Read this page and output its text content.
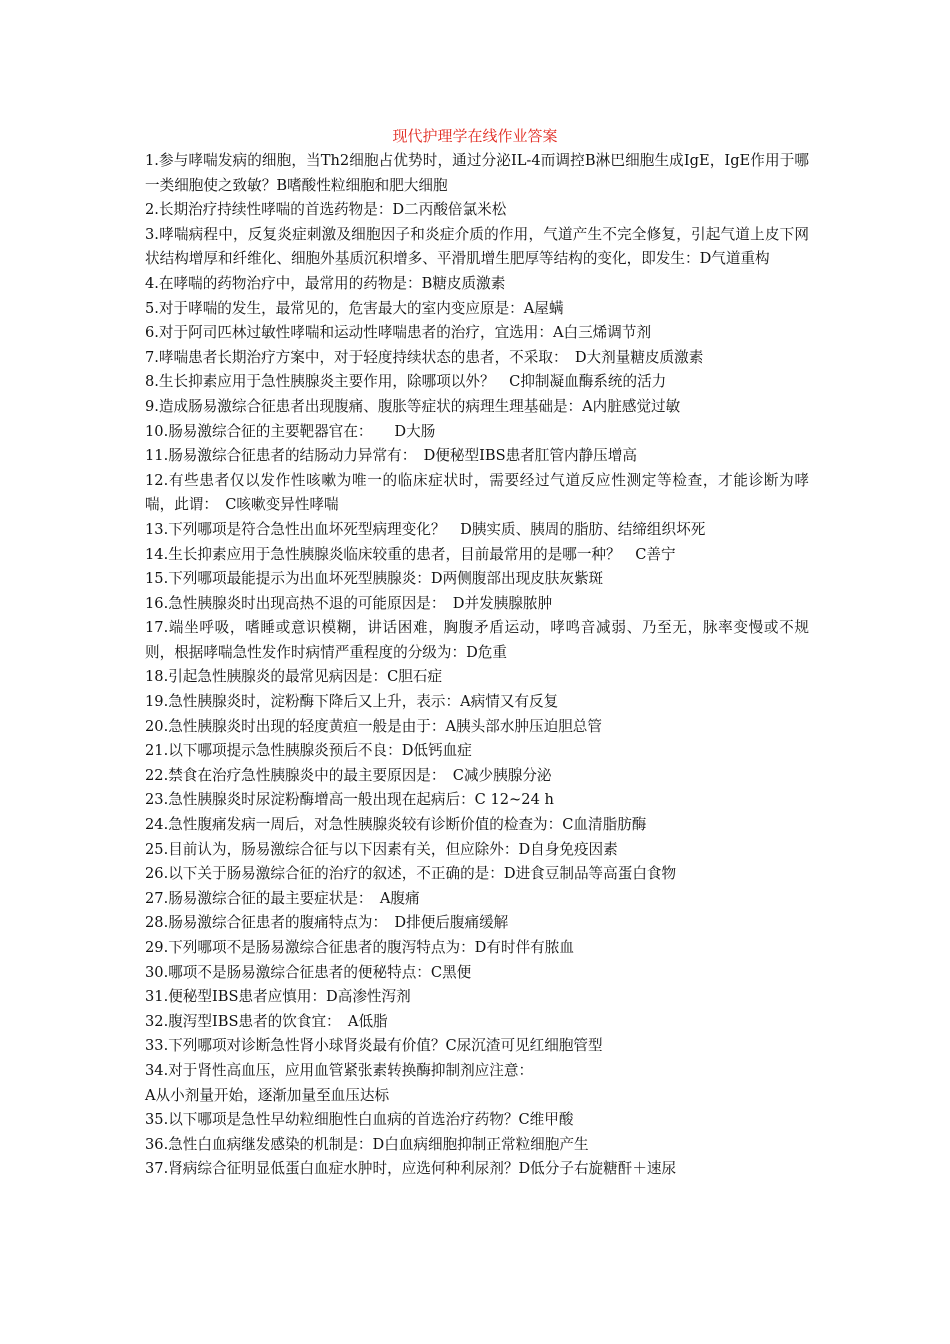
现代护理学在线作业答案

1.参与哮喘发病的细胞，当Th2细胞占优势时，通过分泌IL-4而调控B淋巴细胞生成IgE，IgE作用于哪一类细胞使之致敏？B嗜酸性粒细胞和肥大细胞

2.长期治疗持续性哮喘的首选药物是：D二丙酸倍氯米松

3.哮喘病程中，反复炎症刺激及细胞因子和炎症介质的作用，气道产生不完全修复，引起气道上皮下网状结构增厚和纤维化、细胞外基质沉积增多、平滑肌增生肥厚等结构的变化，即发生：D气道重构

4.在哮喘的药物治疗中，最常用的药物是：B糖皮质激素

5.对于哮喘的发生，最常见的，危害最大的室内变应原是：A屋螨

6.对于阿司匹林过敏性哮喘和运动性哮喘患者的治疗，宜选用：A白三烯调节剂

7.哮喘患者长期治疗方案中，对于轻度持续状态的患者，不采取：　D大剂量糖皮质激素

8.生长抑素应用于急性胰腺炎主要作用，除哪项以外？　C抑制凝血酶系统的活力

9.造成肠易激综合征患者出现腹痛、腹胀等症状的病理生理基础是：A内脏感觉过敏

10.肠易激综合征的主要靶器官在：　　D大肠

11.肠易激综合征患者的结肠动力异常有：　D便秘型IBS患者肛管内静压增高

12.有些患者仅以发作性咳嗽为唯一的临床症状时，需要经过气道反应性测定等检查，才能诊断为哮喘，此谓：　C咳嗽变异性哮喘

13.下列哪项是符合急性出血坏死型病理变化？　D胰实质、胰周的脂肪、结缔组织坏死

14.生长抑素应用于急性胰腺炎临床较重的患者，目前最常用的是哪一种？　C善宁

15.下列哪项最能提示为出血坏死型胰腺炎：D两侧腹部出现皮肤灰紫斑

16.急性胰腺炎时出现高热不退的可能原因是：　D并发胰腺脓肿

17.端坐呼吸，嗜睡或意识模糊，讲话困难，胸腹矛盾运动，哮鸣音减弱、乃至无，脉率变慢或不规则，根据哮喘急性发作时病情严重程度的分级为：D危重

18.引起急性胰腺炎的最常见病因是：C胆石症

19.急性胰腺炎时，淀粉酶下降后又上升，表示：A病情又有反复

20.急性胰腺炎时出现的轻度黄疸一般是由于：A胰头部水肿压迫胆总管

21.以下哪项提示急性胰腺炎预后不良：D低钙血症

22.禁食在治疗急性胰腺炎中的最主要原因是：　C减少胰腺分泌

23.急性胰腺炎时尿淀粉酶增高一般出现在起病后：C 12~24 h

24.急性腹痛发病一周后，对急性胰腺炎较有诊断价值的检查为：C血清脂肪酶

25.目前认为，肠易激综合征与以下因素有关，但应除外：D自身免疫因素

26.以下关于肠易激综合征的治疗的叙述，不正确的是：D进食豆制品等高蛋白食物

27.肠易激综合征的最主要症状是：　A腹痛

28.肠易激综合征患者的腹痛特点为：　D排便后腹痛缓解

29.下列哪项不是肠易激综合征患者的腹泻特点为：D有时伴有脓血

30.哪项不是肠易激综合征患者的便秘特点：C黑便

31.便秘型IBS患者应慎用：D高渗性泻剂

32.腹泻型IBS患者的饮食宜：　A低脂

33.下列哪项对诊断急性肾小球肾炎最有价值？C尿沉渣可见红细胞管型

34.对于肾性高血压，应用血管紧张素转换酶抑制剂应注意：

A从小剂量开始，逐渐加量至血压达标

35.以下哪项是急性早幼粒细胞性白血病的首选治疗药物？C维甲酸

36.急性白血病继发感染的机制是：D白血病细胞抑制正常粒细胞产生

37.肾病综合征明显低蛋白血症水肿时，应选何种利尿剂？D低分子右旋糖酐＋速尿
